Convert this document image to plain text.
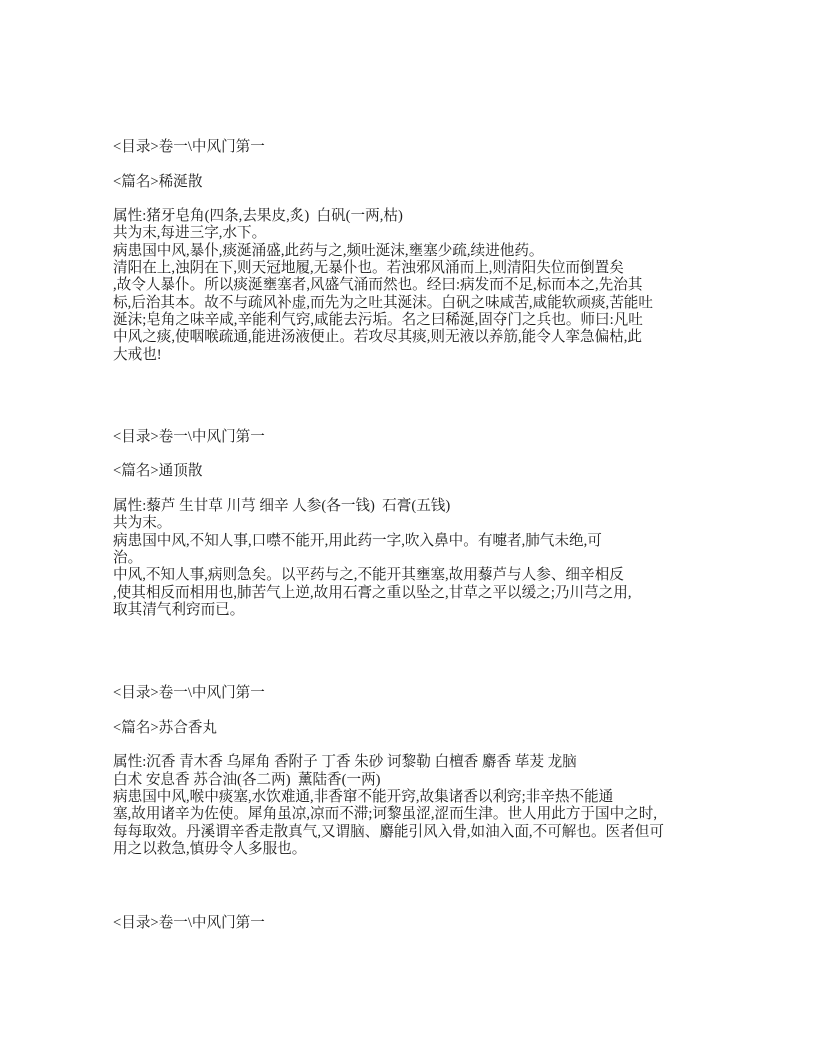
<目录>卷一\中风门第一
<篇名>稀涎散
属性:猪牙皂角(四条,去果皮,炙)  白矾(一两,枯)
共为末,每进三字,水下。
病患国中风,暴仆,痰涎涌盛,此药与之,频吐涎沫,壅塞少疏,续进他药。
清阳在上,浊阴在下,则天冠地履,无暴仆也。若浊邪风涌而上,则清阳失位而倒置矣
,故令人暴仆。所以痰涎壅塞者,风盛气涌而然也。经曰:病发而不足,标而本之,先治其
标,后治其本。故不与疏风补虚,而先为之吐其涎沫。白矾之味咸苦,咸能软顽痰,苦能吐
涎沫;皂角之味辛咸,辛能利气窍,咸能去污垢。名之曰稀涎,固夺门之兵也。师曰:凡吐
中风之痰,使咽喉疏通,能进汤液便止。若攻尽其痰,则无液以养筋,能令人挛急偏枯,此
大戒也!
<目录>卷一\中风门第一
<篇名>通顶散
属性:藜芦 生甘草 川芎 细辛 人参(各一钱)  石膏(五钱)
共为末。
病患国中风,不知人事,口噤不能开,用此药一字,吹入鼻中。有嚏者,肺气未绝,可
治。
中风,不知人事,病则急矣。以平药与之,不能开其壅塞,故用藜芦与人参、细辛相反
,使其相反而相用也,肺苦气上逆,故用石膏之重以坠之,甘草之平以缓之;乃川芎之用,
取其清气利窍而已。
<目录>卷一\中风门第一
<篇名>苏合香丸
属性:沉香 青木香 乌犀角 香附子 丁香 朱砂 诃黎勒 白檀香 麝香 荜茇 龙脑
白术 安息香 苏合油(各二两)  薰陆香(一两)
病患国中风,喉中痰塞,水饮难通,非香窜不能开窍,故集诸香以利窍;非辛热不能通
塞,故用诸辛为佐使。犀角虽凉,凉而不滞;诃黎虽涩,涩而生津。世人用此方于国中之时,
每每取效。丹溪谓辛香走散真气,又谓脑、麝能引风入骨,如油入面,不可解也。医者但可
用之以救急,慎毋令人多服也。
<目录>卷一\中风门第一
